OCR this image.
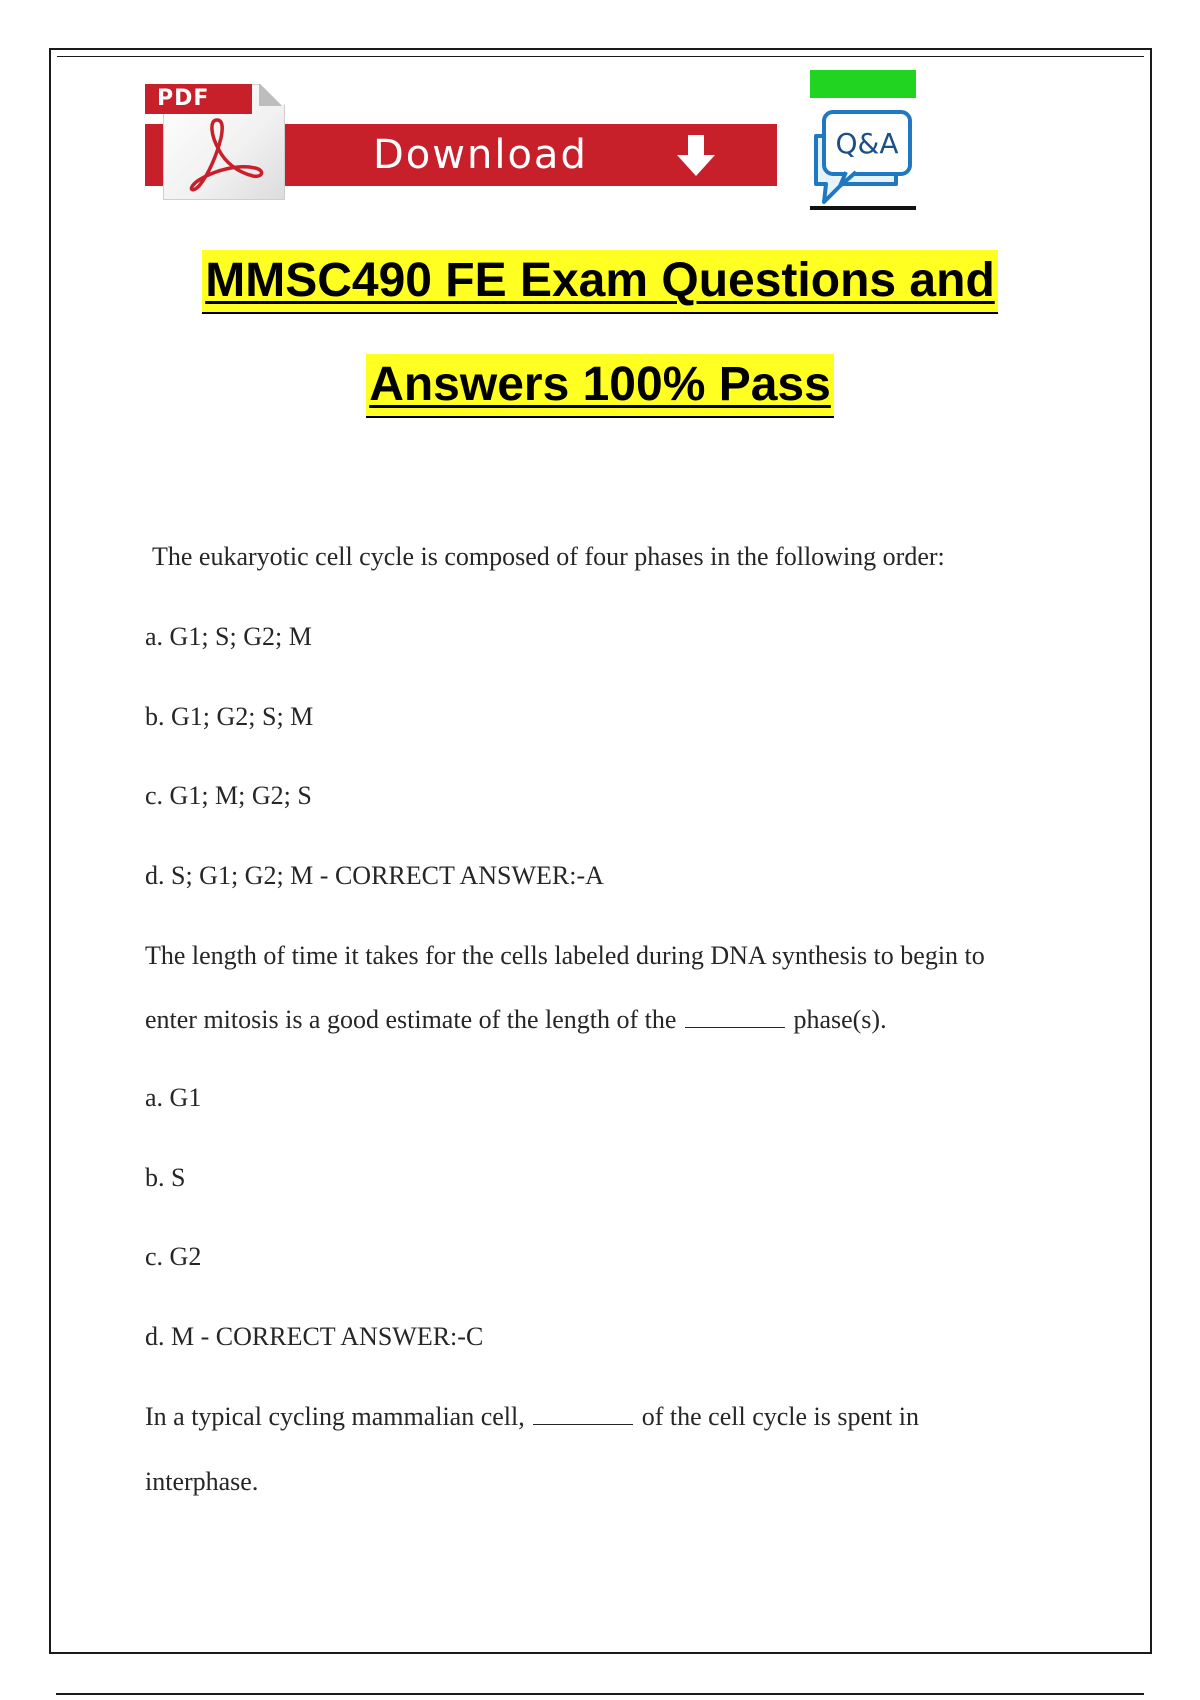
PDF
Download	Q&A
MMSC490 FE Exam Questions and
Answers 100% Pass
The eukaryotic cell cycle is composed of four phases in the following order:
a. G1; S; G2; M
b. G1; G2; S; M
c. G1; M; G2; S
d. S; G1; G2; M - CORRECT ANSWER:-A
The length of time it takes for the cells labeled during DNA synthesis to begin to
enter mitosis is a good estimate of the length of the	phase(s).
a. G1
b. S
c. G2
d. M - CORRECT ANSWER:-C
In a typical cycling mammalian cell,	of the cell cycle is spent in
interphase.
